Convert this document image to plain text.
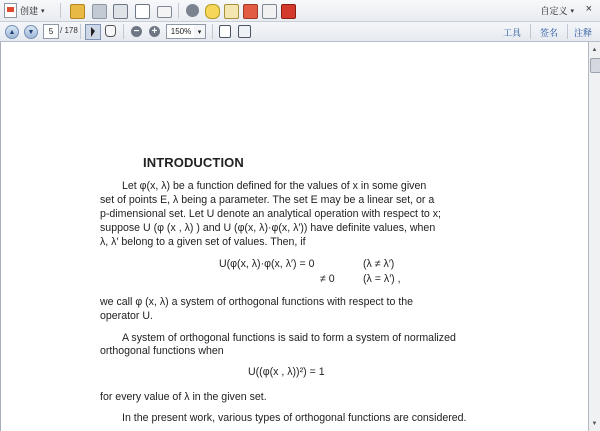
创建 ▾	自定义 ▾ ×
▲ ▼	5 / 178	− +	150% ▾	工具 签名 注释
INTRODUCTION
Let φ(x, λ) be a function defined for the values of x in some given
set of points E, λ being a parameter. The set E may be a linear set, or a
p-dimensional set. Let U denote an analytical operation with respect to x;
suppose U (φ (x , λ) ) and U (φ(x, λ)·φ(x, λ′)) have definite values, when
λ, λ′ belong to a given set of values. Then, if
U(φ(x, λ)·φ(x, λ′) = 0	(λ ≠ λ′)
≠ 0	(λ = λ′) ,
we call φ (x, λ) a system of orthogonal functions with respect to the
operator U.
A system of orthogonal functions is said to form a system of normalized
orthogonal functions when
U((φ(x , λ))²) = 1
for every value of λ in the given set.
In the present work, various types of orthogonal functions are considered.
▲
▼
